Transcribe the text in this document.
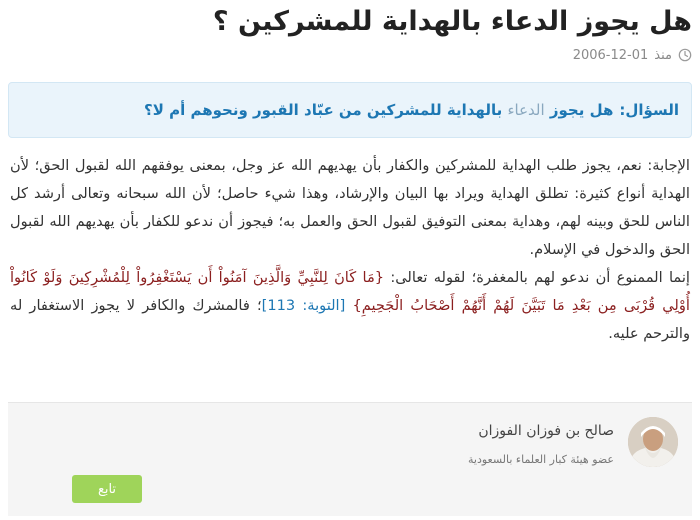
هل يجوز الدعاء بالهداية للمشركين ؟
منذ
2006-12-01
السؤال:
هل يجوز

الدعاء

بالهداية للمشركين من عبّاد القبور ونحوهم أم لا؟

الإجابة: نعم، يجوز طلب الهداية للمشركين والكفار بأن يهديهم الله عز وجل، بمعنى يوفقهم الله لقبول الحق؛ لأن الهداية أنواع كثيرة: تطلق الهداية ويراد بها البيان والإرشاد، وهذا شيء حاصل؛ لأن الله سبحانه وتعالى أرشد كل الناس للحق وبينه لهم، وهداية بمعنى التوفيق لقبول الحق والعمل به؛ فيجوز أن ندعو للكفار بأن يهديهم الله لقبول الحق والدخول في الإسلام.

إنما الممنوع أن ندعو لهم بالمغفرة؛ لقوله تعالى: {مَا كَانَ لِلنَّبِيِّ وَالَّذِينَ آمَنُواْ أَن يَسْتَغْفِرُواْ لِلْمُشْرِكِينَ وَلَوْ كَانُواْ أُوْلِي قُرْبَى مِن بَعْدِ مَا تَبَيَّنَ لَهُمْ أَنَّهُمْ أَصْحَابُ الْجَحِيمِ} [التوبة: 113]؛ فالمشرك والكافر لا يجوز الاستغفار له والترحم عليه.

صالح بن فوزان الفوزان
عضو هيئة كبار العلماء بالسعودية
تابع
